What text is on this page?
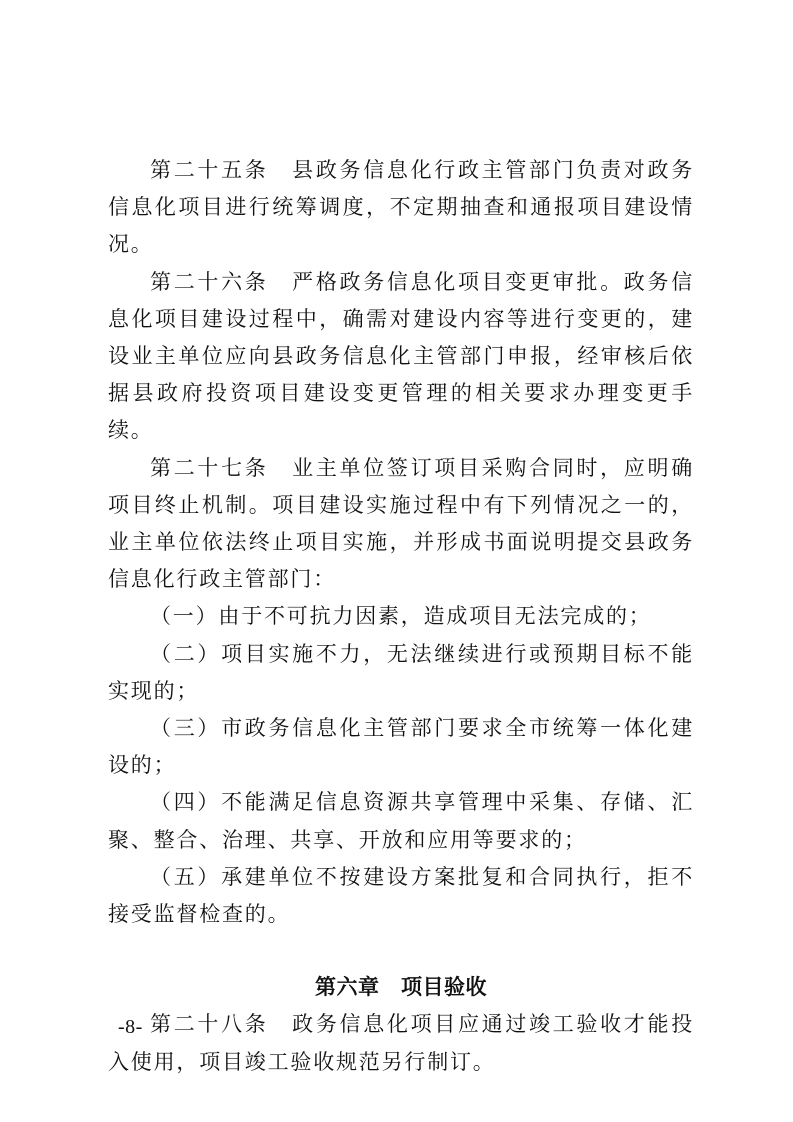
第二十五条　县政务信息化行政主管部门负责对政务信息化项目进行统筹调度，不定期抽查和通报项目建设情况。

第二十六条　严格政务信息化项目变更审批。政务信息化项目建设过程中，确需对建设内容等进行变更的，建设业主单位应向县政务信息化主管部门申报，经审核后依据县政府投资项目建设变更管理的相关要求办理变更手续。

第二十七条　业主单位签订项目采购合同时，应明确项目终止机制。项目建设实施过程中有下列情况之一的，业主单位依法终止项目实施，并形成书面说明提交县政务信息化行政主管部门：

（一）由于不可抗力因素，造成项目无法完成的；

（二）项目实施不力，无法继续进行或预期目标不能实现的；

（三）市政务信息化主管部门要求全市统筹一体化建设的；

（四）不能满足信息资源共享管理中采集、存储、汇聚、整合、治理、共享、开放和应用等要求的；

（五）承建单位不按建设方案批复和合同执行，拒不接受监督检查的。

第六章　项目验收

第二十八条　政务信息化项目应通过竣工验收才能投入使用，项目竣工验收规范另行制订。

-8-
